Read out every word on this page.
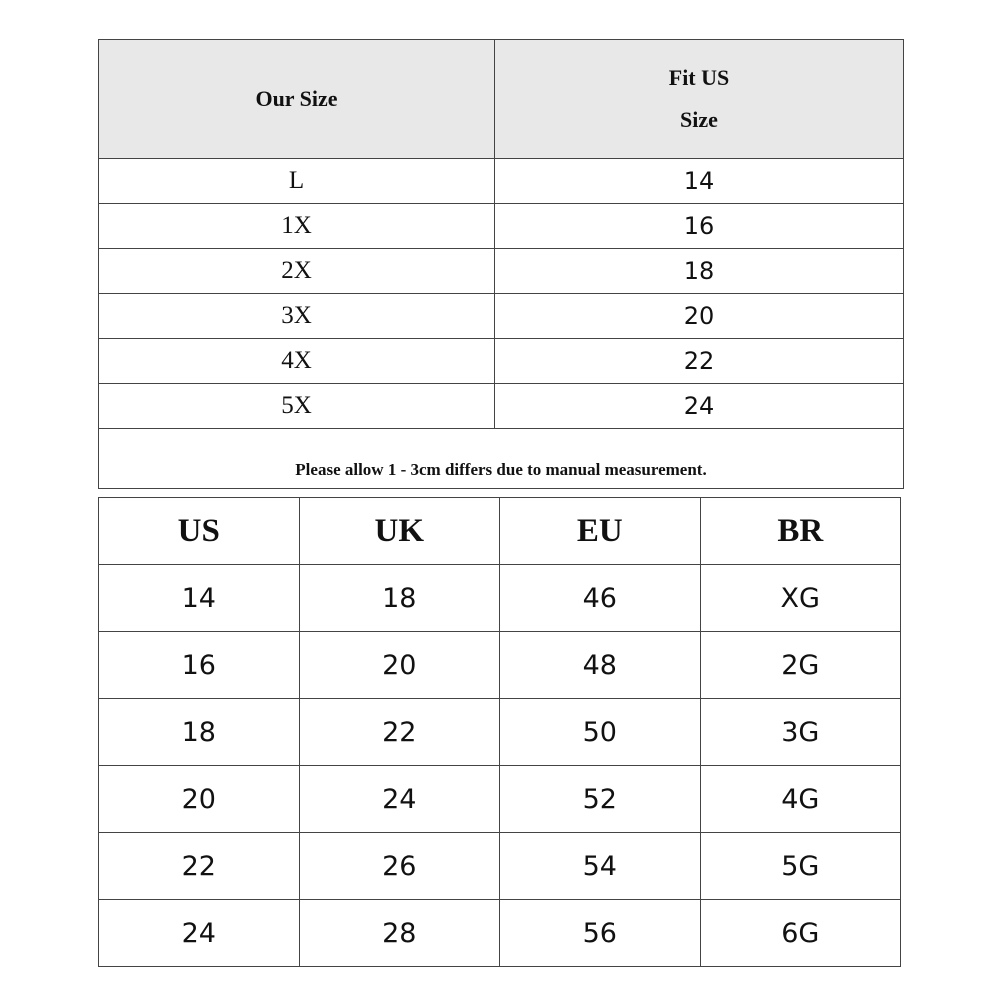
Our Size	Fit US
Size

L	14
1X	16
2X	18
3X	20
4X	22
5X	24
Please allow 1 - 3cm differs due to manual measurement.	
US	UK	EU	BR
14	18	46	XG
16	20	48	2G
18	22	50	3G
20	24	52	4G
22	26	54	5G
24	28	56	6G
